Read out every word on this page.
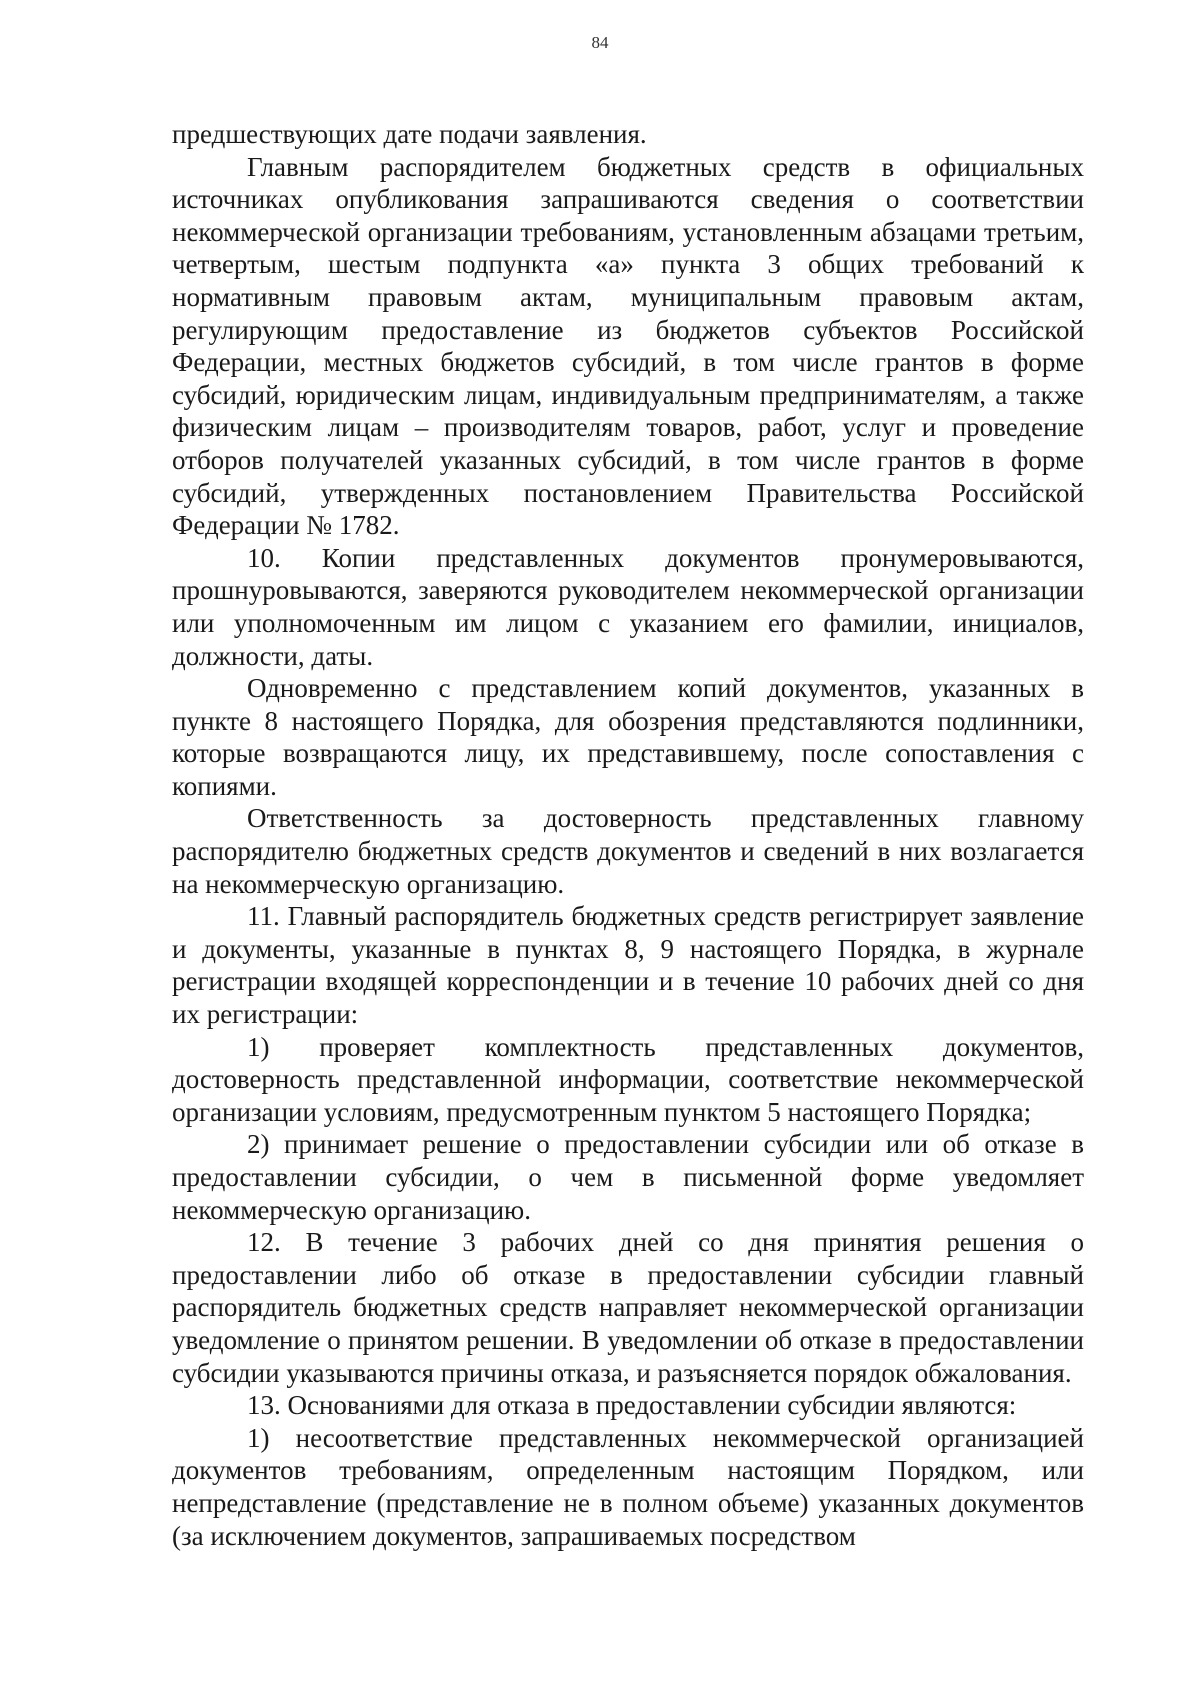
84

предшествующих дате подачи заявления.

Главным распорядителем бюджетных средств в официальных источниках опубликования запрашиваются сведения о соответствии некоммерческой организации требованиям, установленным абзацами третьим, четвертым, шестым подпункта «а» пункта 3 общих требований к нормативным правовым актам, муниципальным правовым актам, регулирующим предоставление из бюджетов субъектов Российской Федерации, местных бюджетов субсидий, в том числе грантов в форме субсидий, юридическим лицам, индивидуальным предпринимателям, а также физическим лицам – производителям товаров, работ, услуг и проведение отборов получателей указанных субсидий, в том числе грантов в форме субсидий, утвержденных постановлением Правительства Российской Федерации № 1782.

10. Копии представленных документов пронумеровываются, прошнуровываются, заверяются руководителем некоммерческой организации или уполномоченным им лицом с указанием его фамилии, инициалов, должности, даты.

Одновременно с представлением копий документов, указанных в пункте 8 настоящего Порядка, для обозрения представляются подлинники, которые возвращаются лицу, их представившему, после сопоставления с копиями.

Ответственность за достоверность представленных главному распорядителю бюджетных средств документов и сведений в них возлагается на некоммерческую организацию.

11. Главный распорядитель бюджетных средств регистрирует заявление и документы, указанные в пунктах 8, 9 настоящего Порядка, в журнале регистрации входящей корреспонденции и в течение 10 рабочих дней со дня их регистрации:

1) проверяет комплектность представленных документов, достоверность представленной информации, соответствие некоммерческой организации условиям, предусмотренным пунктом 5 настоящего Порядка;

2) принимает решение о предоставлении субсидии или об отказе в предоставлении субсидии, о чем в письменной форме уведомляет некоммерческую организацию.

12. В течение 3 рабочих дней со дня принятия решения о предоставлении либо об отказе в предоставлении субсидии главный распорядитель бюджетных средств направляет некоммерческой организации уведомление о принятом решении. В уведомлении об отказе в предоставлении субсидии указываются причины отказа, и разъясняется порядок обжалования.

13. Основаниями для отказа в предоставлении субсидии являются:

1) несоответствие представленных некоммерческой организацией документов требованиям, определенным настоящим Порядком, или непредставление (представление не в полном объеме) указанных документов (за исключением документов, запрашиваемых посредством
